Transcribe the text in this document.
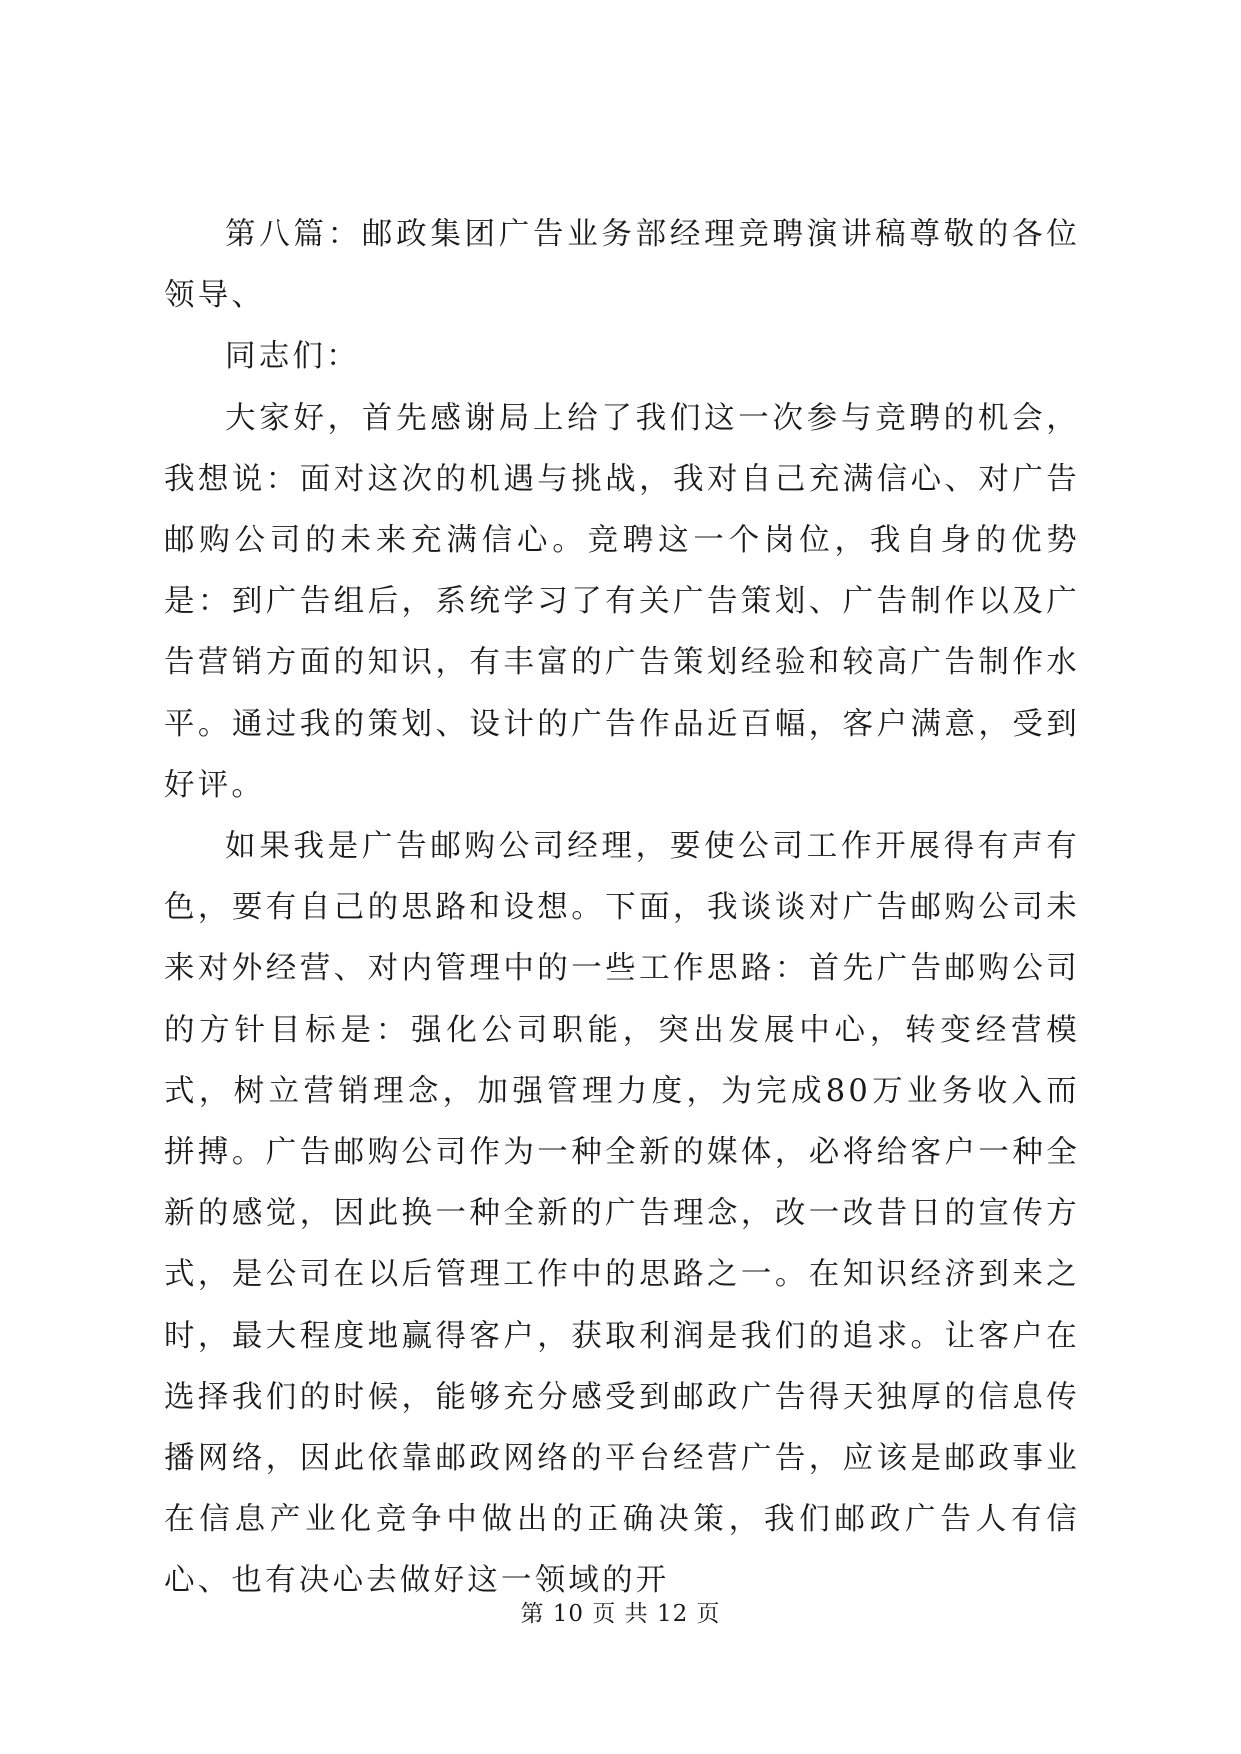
第八篇：邮政集团广告业务部经理竞聘演讲稿尊敬的各位领导、

同志们：

大家好，首先感谢局上给了我们这一次参与竞聘的机会，我想说：面对这次的机遇与挑战，我对自己充满信心、对广告邮购公司的未来充满信心。竞聘这一个岗位，我自身的优势是：到广告组后，系统学习了有关广告策划、广告制作以及广告营销方面的知识，有丰富的广告策划经验和较高广告制作水平。通过我的策划、设计的广告作品近百幅，客户满意，受到好评。

如果我是广告邮购公司经理，要使公司工作开展得有声有色，要有自己的思路和设想。下面，我谈谈对广告邮购公司未来对外经营、对内管理中的一些工作思路：首先广告邮购公司的方针目标是：强化公司职能，突出发展中心，转变经营模式，树立营销理念，加强管理力度，为完成80万业务收入而拼搏。广告邮购公司作为一种全新的媒体，必将给客户一种全新的感觉，因此换一种全新的广告理念，改一改昔日的宣传方式，是公司在以后管理工作中的思路之一。在知识经济到来之时，最大程度地赢得客户，获取利润是我们的追求。让客户在选择我们的时候，能够充分感受到邮政广告得天独厚的信息传播网络，因此依靠邮政网络的平台经营广告，应该是邮政事业在信息产业化竞争中做出的正确决策，我们邮政广告人有信心、也有决心去做好这一领域的开

第 10 页 共 12 页
